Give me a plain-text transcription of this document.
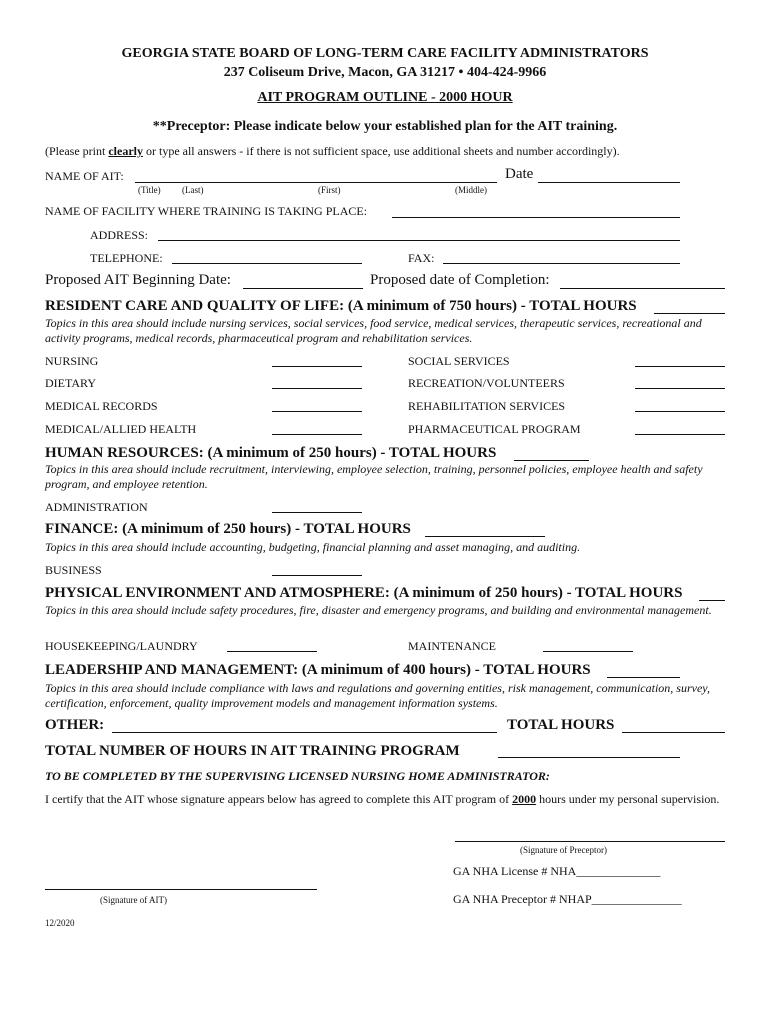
GEORGIA STATE BOARD OF LONG-TERM CARE FACILITY ADMINISTRATORS
237 Coliseum Drive, Macon, GA 31217 • 404-424-9966
AIT PROGRAM OUTLINE - 2000 HOUR
**Preceptor: Please indicate below your established plan for the AIT training.
(Please print clearly or type all answers - if there is not sufficient space, use additional sheets and number accordingly).
NAME OF AIT:	Date
(Title) (Last)	(First)	(Middle)
NAME OF FACILITY WHERE TRAINING IS TAKING PLACE:
ADDRESS:
TELEPHONE:	FAX:
Proposed AIT Beginning Date:	Proposed date of Completion:
RESIDENT CARE AND QUALITY OF LIFE: (A minimum of 750 hours) - TOTAL HOURS
Topics in this area should include nursing services, social services, food service, medical services, therapeutic services, recreational and activity programs, medical records, pharmaceutical program and rehabilitation services.
NURSING	SOCIAL SERVICES
DIETARY	RECREATION/VOLUNTEERS
MEDICAL RECORDS	REHABILITATION SERVICES
MEDICAL/ALLIED HEALTH	PHARMACEUTICAL PROGRAM
HUMAN RESOURCES: (A minimum of 250 hours) - TOTAL HOURS
Topics in this area should include recruitment, interviewing, employee selection, training, personnel policies, employee health and safety program, and employee retention.
ADMINISTRATION
FINANCE: (A minimum of 250 hours) - TOTAL HOURS
Topics in this area should include accounting, budgeting, financial planning and asset managing, and auditing.
BUSINESS
PHYSICAL ENVIRONMENT AND ATMOSPHERE: (A minimum of 250 hours) - TOTAL HOURS
Topics in this area should include safety procedures, fire, disaster and emergency programs, and building and environmental management.
HOUSEKEEPING/LAUNDRY	MAINTENANCE
LEADERSHIP AND MANAGEMENT: (A minimum of 400 hours) - TOTAL HOURS
Topics in this area should include compliance with laws and regulations and governing entities, risk management, communication, survey, certification, enforcement, quality improvement models and management information systems.
OTHER:	TOTAL HOURS
TOTAL NUMBER OF HOURS IN AIT TRAINING PROGRAM
TO BE COMPLETED BY THE SUPERVISING LICENSED NURSING HOME ADMINISTRATOR:
I certify that the AIT whose signature appears below has agreed to complete this AIT program of 2000 hours under my personal supervision.
(Signature of Preceptor)
GA NHA License # NHA______________
(Signature of AIT)	GA NHA Preceptor # NHAP_______________
12/2020
